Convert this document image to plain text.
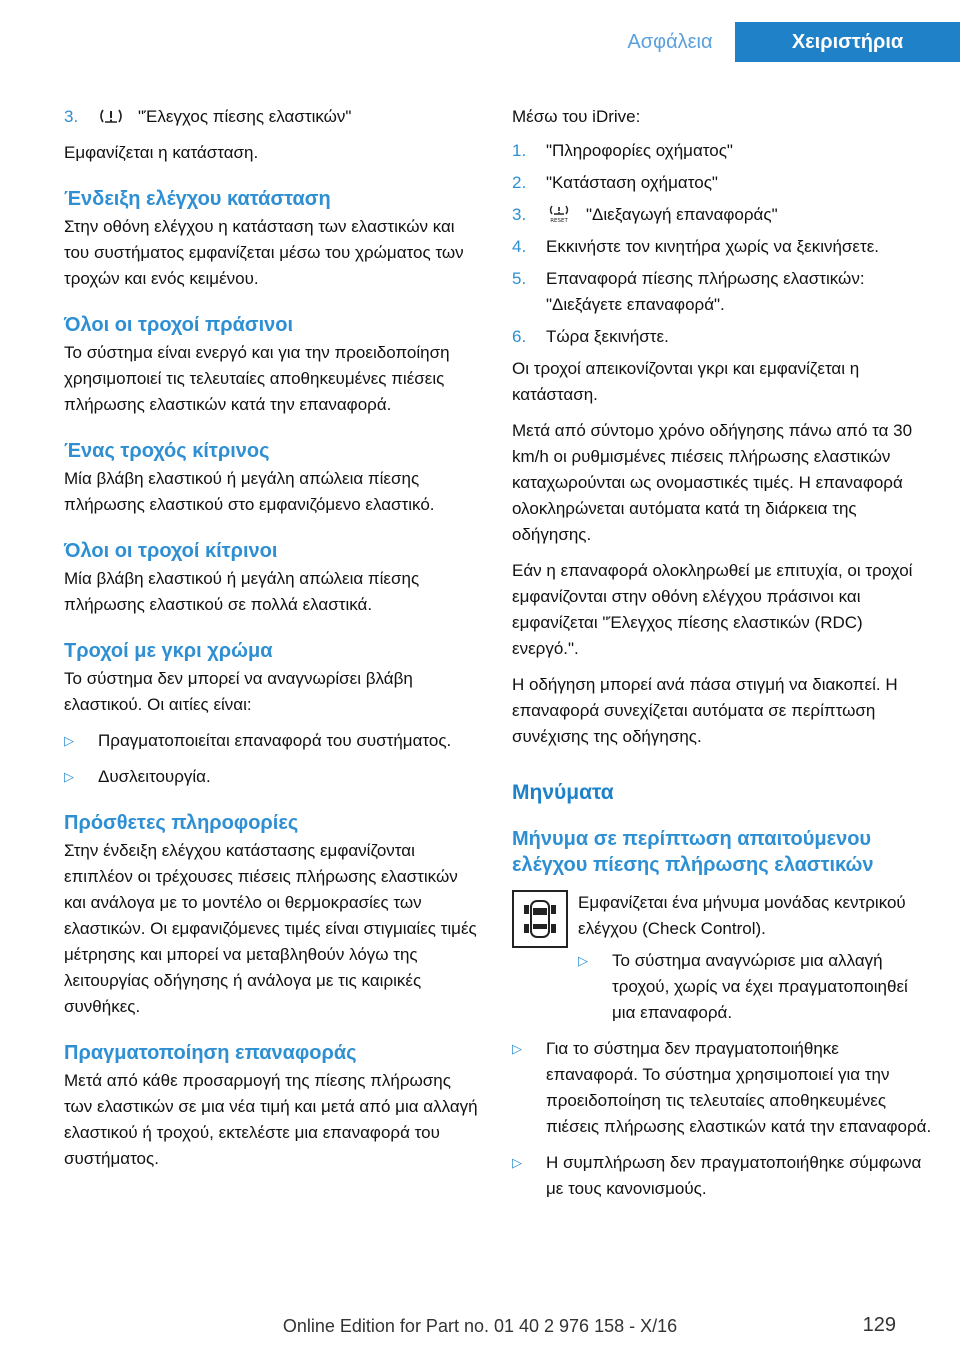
Ασφάλεια	Χειριστήρια
3.	"Έλεγχος πίεσης ελαστικών"

Εμφανίζεται η κατάσταση.

Ένδειξη ελέγχου κατάσταση

Στην οθόνη ελέγχου η κατάσταση των ελαστικών και του συστήματος εμφανίζεται μέσω του χρώματος των τροχών και ενός κειμένου.

Όλοι οι τροχοί πράσινοι

Το σύστημα είναι ενεργό και για την προειδοποίηση χρησιμοποιεί τις τελευταίες αποθηκευμένες πιέσεις πλήρωσης ελαστικών κατά την επαναφορά.

Ένας τροχός κίτρινος

Μία βλάβη ελαστικού ή μεγάλη απώλεια πίεσης πλήρωσης ελαστικού στο εμφανιζόμενο ελαστικό.

Όλοι οι τροχοί κίτρινοι

Μία βλάβη ελαστικού ή μεγάλη απώλεια πίεσης πλήρωσης ελαστικού σε πολλά ελαστικά.

Τροχοί με γκρι χρώμα

Το σύστημα δεν μπορεί να αναγνωρίσει βλάβη ελαστικού. Οι αιτίες είναι:

▷	Πραγματοποιείται επαναφορά του συστήματος.
▷	Δυσλειτουργία.
Πρόσθετες πληροφορίες

Στην ένδειξη ελέγχου κατάστασης εμφανίζονται επιπλέον οι τρέχουσες πιέσεις πλήρωσης ελαστικών και ανάλογα με το μοντέλο οι θερμοκρασίες των ελαστικών. Οι εμφανιζόμενες τιμές είναι στιγμιαίες τιμές μέτρησης και μπορεί να μεταβληθούν λόγω της λειτουργίας οδήγησης ή ανάλογα με τις καιρικές συνθήκες.

Πραγματοποίηση επαναφοράς

Μετά από κάθε προσαρμογή της πίεσης πλήρωσης των ελαστικών σε μια νέα τιμή και μετά από μια αλλαγή ελαστικού ή τροχού, εκτελέστε μια επαναφορά του συστήματος.

Μέσω του iDrive:

1.	"Πληροφορίες οχήματος"
2.	"Κατάσταση οχήματος"
3.	RESET "Διεξαγωγή επαναφοράς"
4.	Εκκινήστε τον κινητήρα χωρίς να ξεκινήσετε.
5.	Επαναφορά πίεσης πλήρωσης ελαστικών: "Διεξάγετε επαναφορά".
6.	Τώρα ξεκινήστε.

Οι τροχοί απεικονίζονται γκρι και εμφανίζεται η κατάσταση.

Μετά από σύντομο χρόνο οδήγησης πάνω από τα 30 km/h οι ρυθμισμένες πιέσεις πλήρωσης ελαστικών καταχωρούνται ως ονομαστικές τιμές. Η επαναφορά ολοκληρώνεται αυτόματα κατά τη διάρκεια της οδήγησης.

Εάν η επαναφορά ολοκληρωθεί με επιτυχία, οι τροχοί εμφανίζονται στην οθόνη ελέγχου πράσινοι και εμφανίζεται "Έλεγχος πίεσης ελαστικών (RDC) ενεργό.".

Η οδήγηση μπορεί ανά πάσα στιγμή να διακοπεί. Η επαναφορά συνεχίζεται αυτόματα σε περίπτωση συνέχισης της οδήγησης.

Μηνύματα
Μήνυμα σε περίπτωση απαιτούμενου ελέγχου πίεσης πλήρωσης ελαστικών

Εμφανίζεται ένα μήνυμα μονάδας κεντρικού ελέγχου (Check Control).

▷	Το σύστημα αναγνώρισε μια αλλαγή τροχού, χωρίς να έχει πραγματοποιηθεί μια επαναφορά.
▷	Για το σύστημα δεν πραγματοποιήθηκε επαναφορά. Το σύστημα χρησιμοποιεί για την προειδοποίηση τις τελευταίες αποθηκευμένες πιέσεις πλήρωσης ελαστικών κατά την επαναφορά.
▷	Η συμπλήρωση δεν πραγματοποιήθηκε σύμφωνα με τους κανονισμούς.
129
Online Edition for Part no. 01 40 2 976 158 - X/16
